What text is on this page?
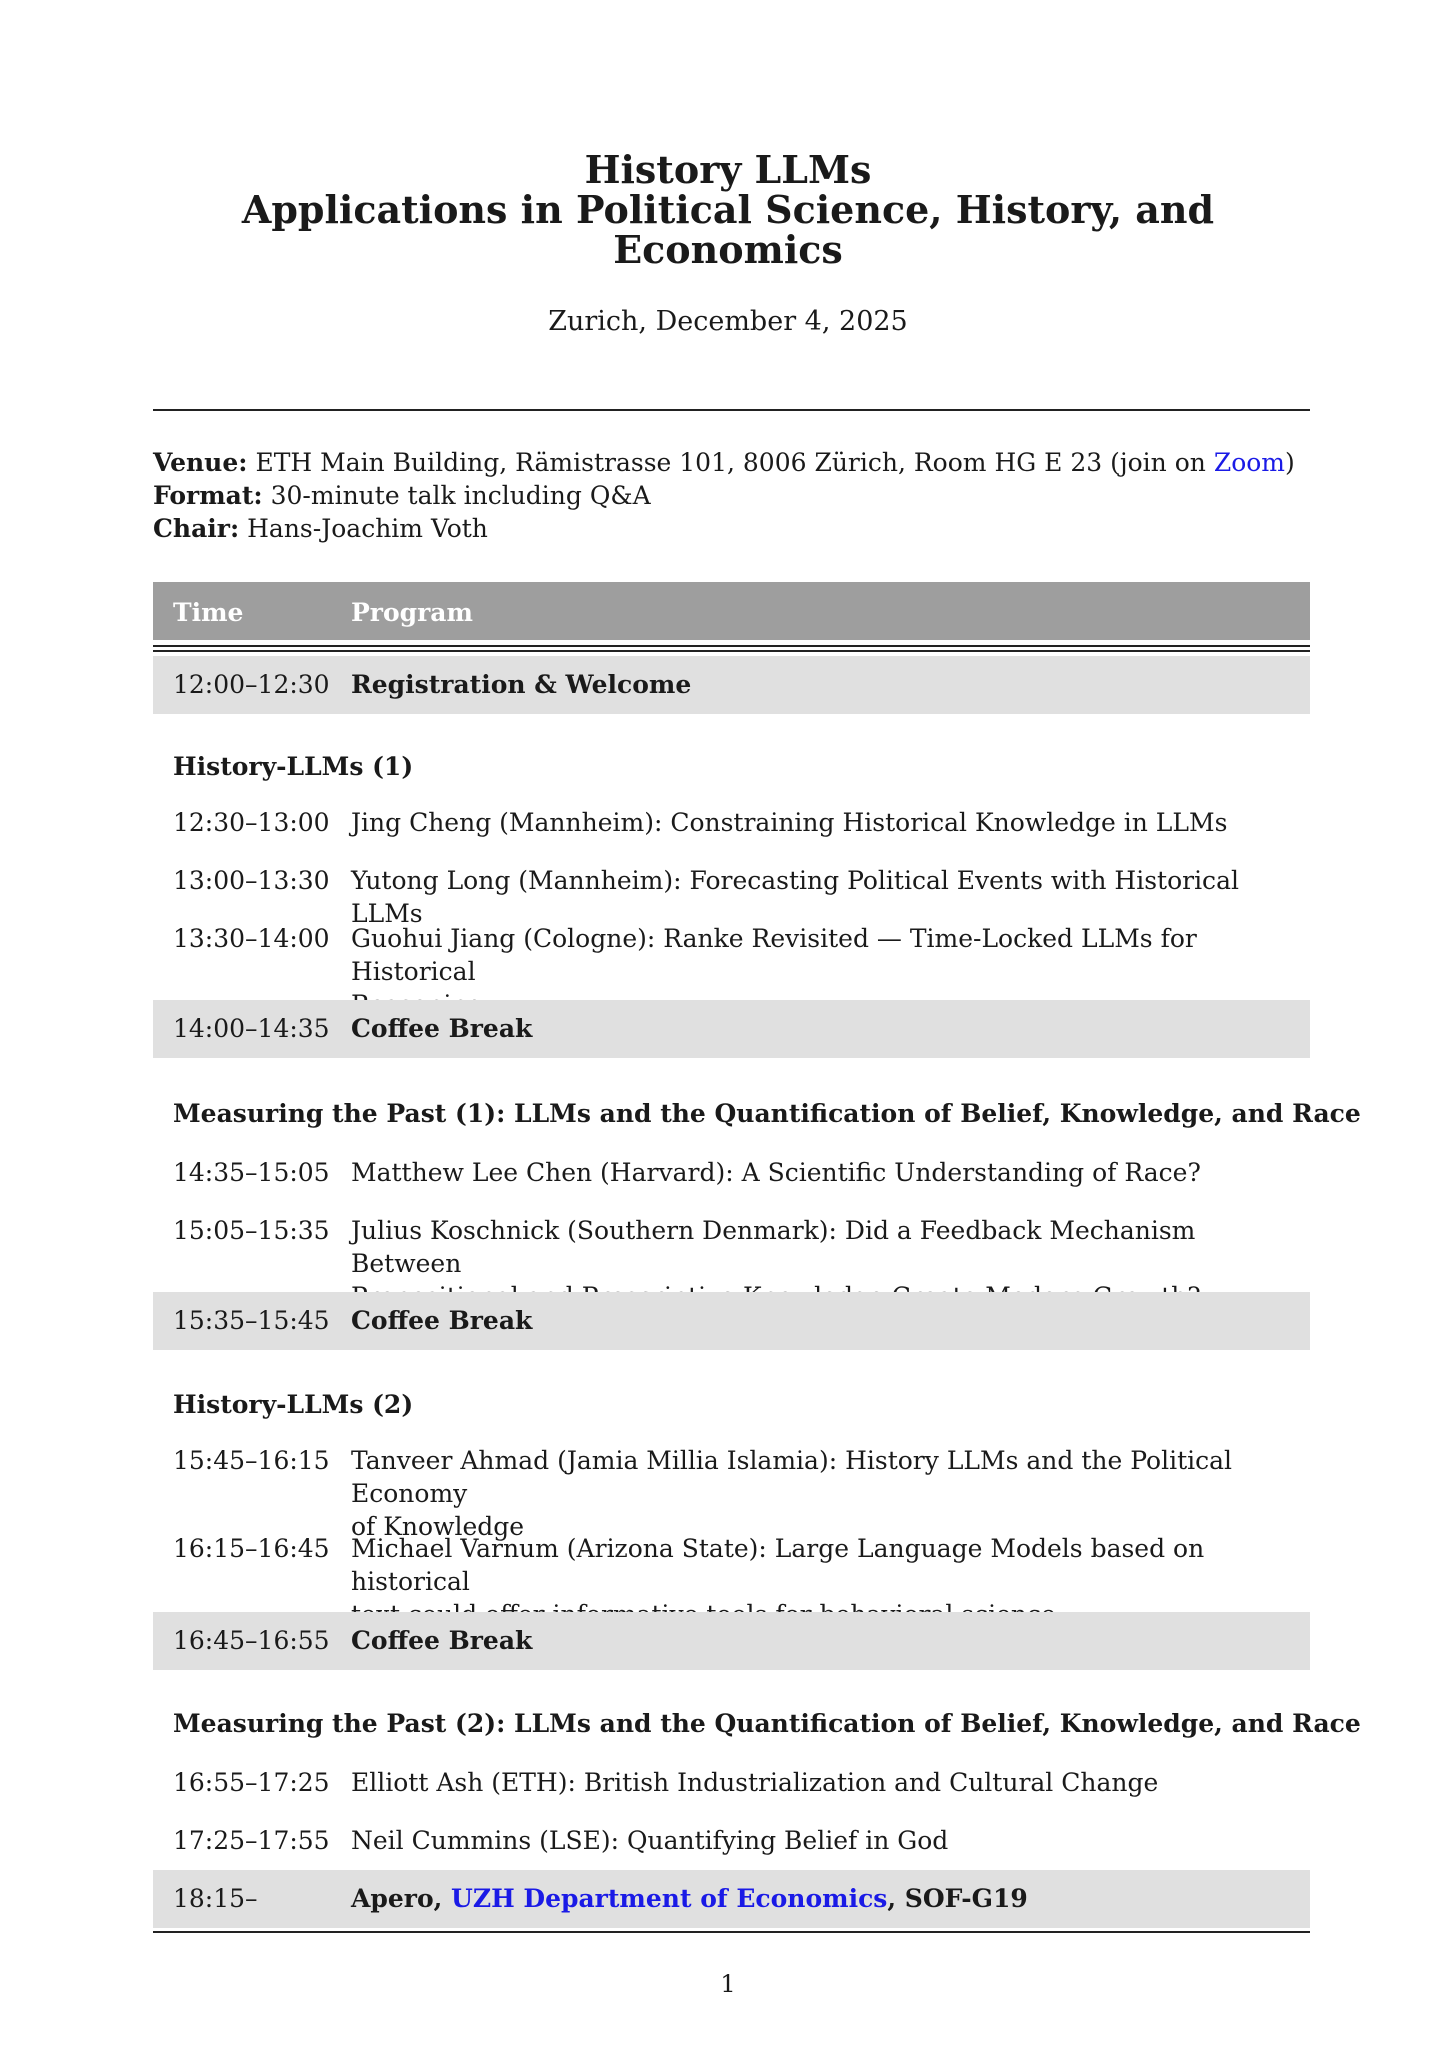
History LLMs
Applications in Political Science, History, and
Economics
Zurich, December 4, 2025
Venue: ETH Main Building, Rämistrasse 101, 8006 Zürich, Room HG E 23 (join on Zoom)
Format: 30-minute talk including Q&A
Chair: Hans-Joachim Voth
Time	Program
12:00–12:30 Registration & Welcome
History-LLMs (1)
12:30–13:00 Jing Cheng (Mannheim): Constraining Historical Knowledge in LLMs
13:00–13:30 Yutong Long (Mannheim): Forecasting Political Events with Historical LLMs
13:30–14:00 Guohui Jiang (Cologne): Ranke Revisited — Time-Locked LLMs for Historical

14:00–14:35 Coffee Break
Measuring the Past (1): LLMs and the Quantification of Belief, Knowledge, and Race
14:35–15:05 Matthew Lee Chen (Harvard): A Scientific Understanding of Race?
15:05–15:35 Julius Koschnick (Southern Denmark): Did a Feedback Mechanism Between

15:35–15:45 Coffee Break
History-LLMs (2)
15:45–16:15 Tanveer Ahmad (Jamia Millia Islamia): History LLMs and the Political Economy
of Knowledge
16:15–16:45 Michael Varnum (Arizona State): Large Language Models based on historical

16:45–16:55 Coffee Break
Measuring the Past (2): LLMs and the Quantification of Belief, Knowledge, and Race
16:55–17:25 Elliott Ash (ETH): British Industrialization and Cultural Change
17:25–17:55 Neil Cummins (LSE): Quantifying Belief in God
18:15–	Apero, UZH Department of Economics, SOF-G19
1
